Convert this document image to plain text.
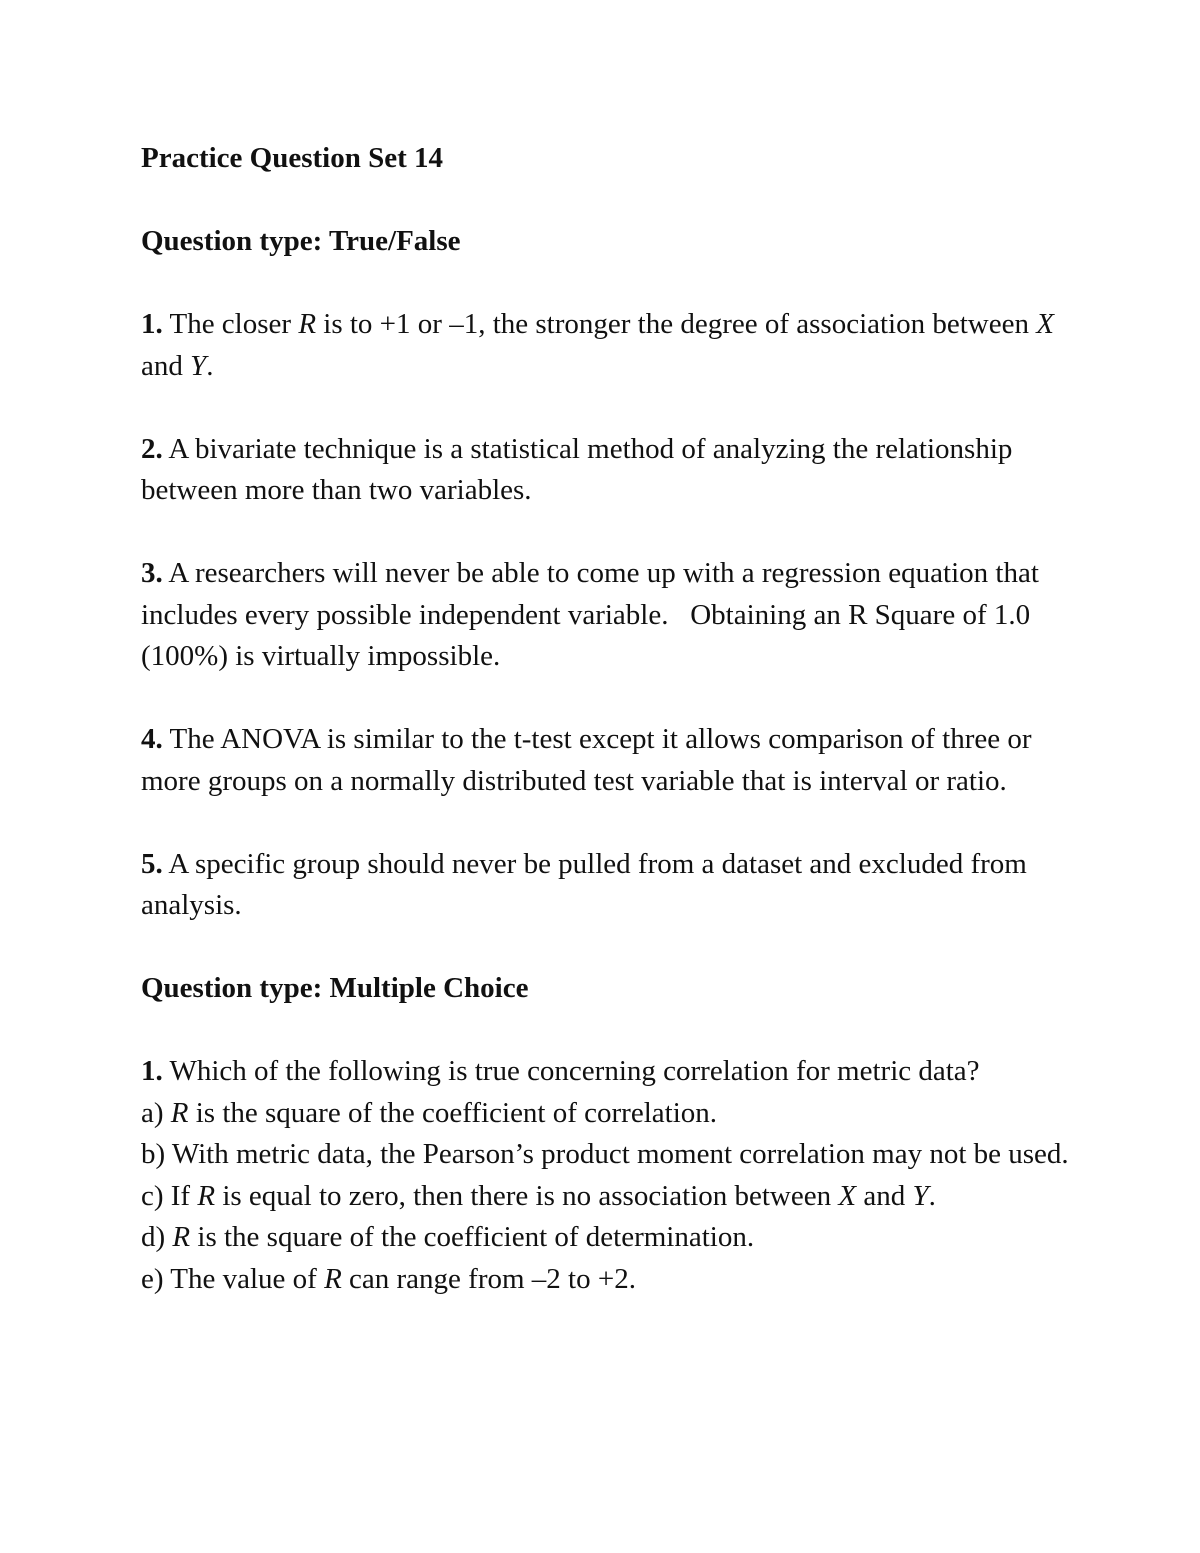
Practice Question Set 14

Question type: True/False

1. The closer R is to +1 or –1, the stronger the degree of association between X and Y.

2. A bivariate technique is a statistical method of analyzing the relationship between more than two variables.

3. A researchers will never be able to come up with a regression equation that includes every possible independent variable.   Obtaining an R Square of 1.0 (100%) is virtually impossible.

4. The ANOVA is similar to the t-test except it allows comparison of three or more groups on a normally distributed test variable that is interval or ratio.

5. A specific group should never be pulled from a dataset and excluded from analysis.

Question type: Multiple Choice

1. Which of the following is true concerning correlation for metric data?

a) R is the square of the coefficient of correlation.

b) With metric data, the Pearson’s product moment correlation may not be used.

c) If R is equal to zero, then there is no association between X and Y.

d) R is the square of the coefficient of determination.

e) The value of R can range from –2 to +2.
